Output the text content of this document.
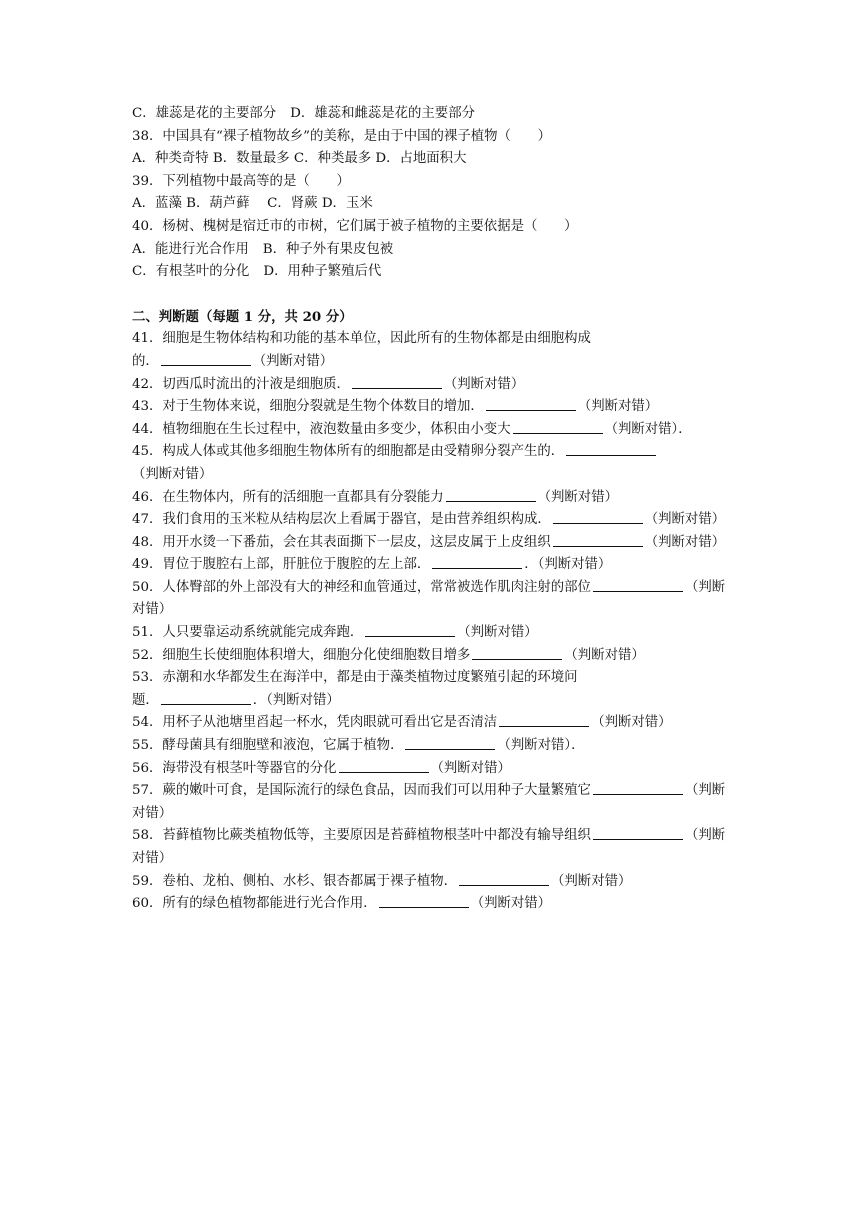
C．雄蕊是花的主要部分 D．雄蕊和雌蕊是花的主要部分
38．中国具有“裸子植物故乡”的美称，是由于中国的裸子植物（　　）
A．种类奇特 B．数量最多 C．种类最多 D．占地面积大
39．下列植物中最高等的是（　　）
A．蓝藻 B．葫芦藓　 C．肾蕨 D．玉米
40．杨树、槐树是宿迁市的市树，它们属于被子植物的主要依据是（　　）
A．能进行光合作用 B．种子外有果皮包被
C．有根茎叶的分化 D．用种子繁殖后代
二、判断题（每题 1 分，共 20 分）
41．细胞是生物体结构和功能的基本单位，因此所有的生物体都是由细胞构成
的．	（判断对错）
42．切西瓜时流出的汁液是细胞质．	（判断对错）
43．对于生物体来说，细胞分裂就是生物个体数目的增加．	（判断对错）
44．植物细胞在生长过程中，液泡数量由多变少，体积由小变大	（判断对错）．
45．构成人体或其他多细胞生物体所有的细胞都是由受精卵分裂产生的．（判断对错）
46．在生物体内，所有的活细胞一直都具有分裂能力	（判断对错）
47．我们食用的玉米粒从结构层次上看属于器官，是由营养组织构成．	（判断对错）
48．用开水烫一下番茄，会在其表面撕下一层皮，这层皮属于上皮组织	（判断对错）
49．胃位于腹腔右上部，肝脏位于腹腔的左上部．	．（判断对错）
50．人体臀部的外上部没有大的神经和血管通过，常常被选作肌肉注射的部位	（判断对错）
51．人只要靠运动系统就能完成奔跑．	（判断对错）
52．细胞生长使细胞体积增大，细胞分化使细胞数目增多	（判断对错）
53．赤潮和水华都发生在海洋中，都是由于藻类植物过度繁殖引起的环境问
题．	．（判断对错）
54．用杯子从池塘里舀起一杯水，凭肉眼就可看出它是否清洁	（判断对错）
55．酵母菌具有细胞壁和液泡，它属于植物．	（判断对错）．
56．海带没有根茎叶等器官的分化	（判断对错）
57．蕨的嫩叶可食，是国际流行的绿色食品，因而我们可以用种子大量繁殖它	（判断对错）
58．苔藓植物比蕨类植物低等，主要原因是苔藓植物根茎叶中都没有输导组织	（判断对错）
59．卷柏、龙柏、侧柏、水杉、银杏都属于裸子植物．	（判断对错）
60．所有的绿色植物都能进行光合作用．	（判断对错）
